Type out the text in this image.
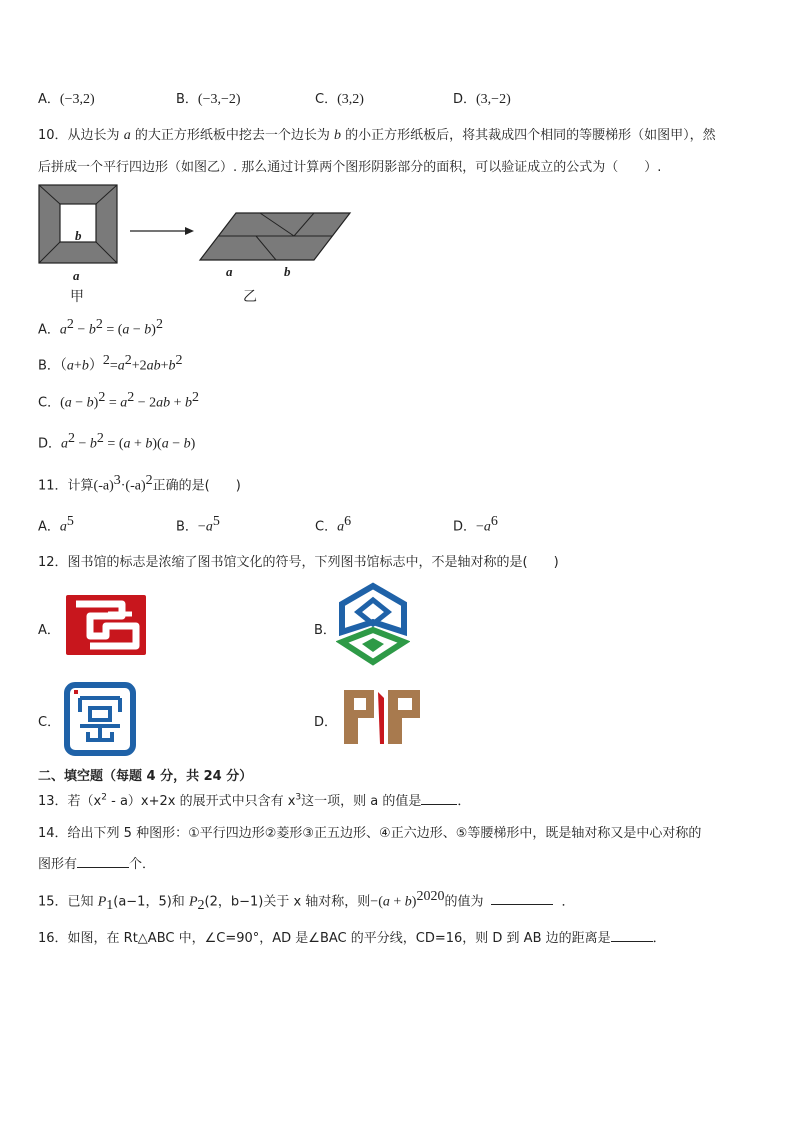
A．(−3,2)	B．(−3,−2)	C．(3,2)	D．(3,−2)
10．从边长为 a 的大正方形纸板中挖去一个边长为 b 的小正方形纸板后，将其裁成四个相同的等腰梯形（如图甲），然
后拼成一个平行四边形（如图乙）. 那么通过计算两个图形阴影部分的面积，可以验证成立的公式为（　　）.
b
a
甲
a	b
乙
A．$a^2 - b^2 = (a - b)^2$
B．$(a+b)^2=a^2+2ab+b^2$
C．$(a - b)^2 = a^2 - 2ab + b^2$
D．$a^2 - b^2 = (a + b)(a - b)$
11．计算$(-a)^3\cdot(-a)^2$正确的是(　　)
A．$a^5$	B．$-a^5$	C．$a^6$	D．$-a^6$
12．图书馆的标志是浓缩了图书馆文化的符号，下列图书馆标志中，不是轴对称的是(　　)
A．	B．
C．	D．
二、填空题（每题 4 分，共 24 分）
13．若$(x^2 - a)x+2x$ 的展开式中只含有 $x^3$这一项，则 a 的值是	．
14．给出下列 5 种图形：①平行四边形②菱形③正五边形、④正六边形、⑤等腰梯形中，既是轴对称又是中心对称的
图形有	个．
15．已知 $P_1(a-1$，5)和 $P_2(2$，b−1)关于 x 轴对称，则$-(a + b)^{2020}$的值为	．
16．如图，在 Rt△ABC 中，∠C=90°，AD 是∠BAC 的平分线，CD=16，则 D 到 AB 边的距离是	．
